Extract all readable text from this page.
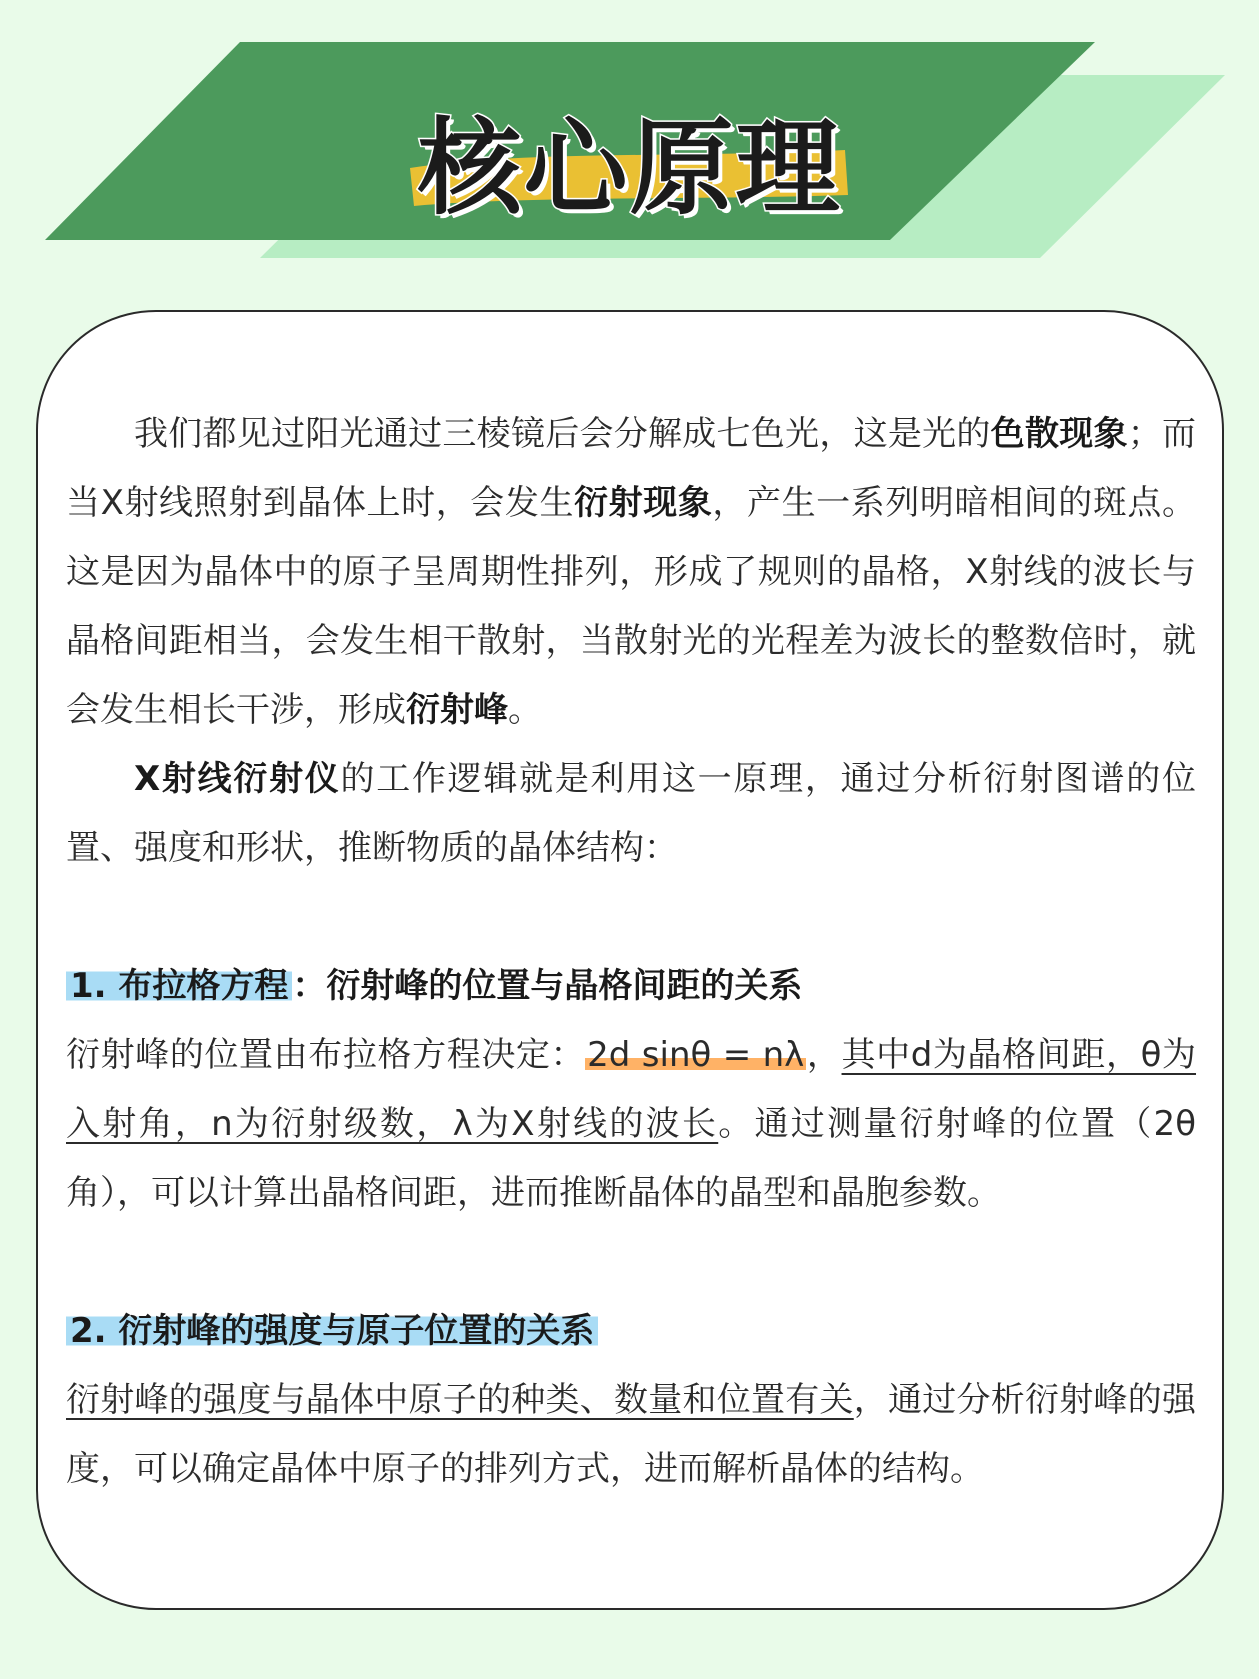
核心原理

我们都见过阳光通过三棱镜后会分解成七色光，这是光的色散现象；而当X射线照射到晶体上时，会发生衍射现象，产生一系列明暗相间的斑点。这是因为晶体中的原子呈周期性排列，形成了规则的晶格，X射线的波长与晶格间距相当，会发生相干散射，当散射光的光程差为波长的整数倍时，就会发生相长干涉，形成衍射峰。

X射线衍射仪的工作逻辑就是利用这一原理，通过分析衍射图谱的位置、强度和形状，推断物质的晶体结构：

1. 布拉格方程 ：衍射峰的位置与晶格间距的关系

衍射峰的位置由布拉格方程决定：2d sinθ = nλ，其中d为晶格间距，θ为入射角，n为衍射级数，λ为X射线的波长。通过测量衍射峰的位置（2θ角），可以计算出晶格间距，进而推断晶体的晶型和晶胞参数。

2. 衍射峰的强度与原子位置的关系

衍射峰的强度与晶体中原子的种类、数量和位置有关，通过分析衍射峰的强度，可以确定晶体中原子的排列方式，进而解析晶体的结构。
